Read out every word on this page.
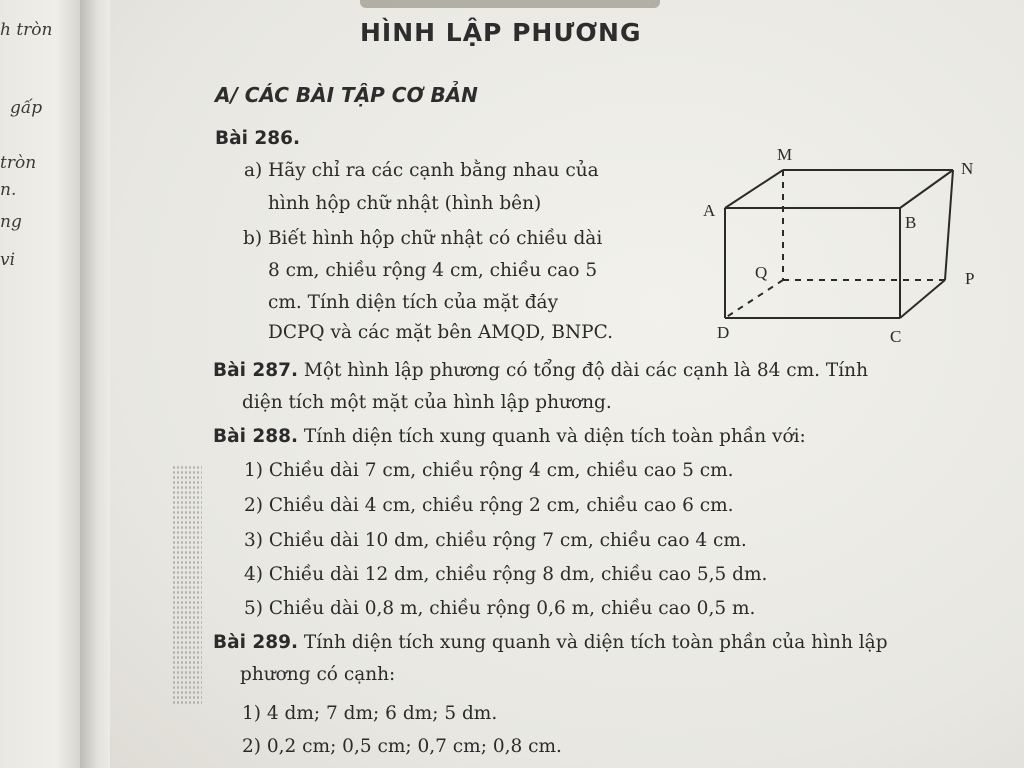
h tròn
gấp
tròn
n.
ng
vi
HÌNH LẬP PHƯƠNG
A/ CÁC BÀI TẬP CƠ BẢN
Bài 286.
a) Hãy chỉ ra các cạnh bằng nhau của
hình hộp chữ nhật (hình bên)
b) Biết hình hộp chữ nhật có chiều dài
8 cm, chiều rộng 4 cm, chiều cao 5
cm. Tính diện tích của mặt đáy
DCPQ và các mặt bên AMQD, BNPC.
M
N
A
B
Q	P
D	C
Bài 287. Một hình lập phương có tổng độ dài các cạnh là 84 cm. Tính
diện tích một mặt của hình lập phương.
Bài 288. Tính diện tích xung quanh và diện tích toàn phần với:
1) Chiều dài 7 cm, chiều rộng 4 cm, chiều cao 5 cm.
2) Chiều dài 4 cm, chiều rộng 2 cm, chiều cao 6 cm.
3) Chiều dài 10 dm, chiều rộng 7 cm, chiều cao 4 cm.
4) Chiều dài 12 dm, chiều rộng 8 dm, chiều cao 5,5 dm.
5) Chiều dài 0,8 m, chiều rộng 0,6 m, chiều cao 0,5 m.
Bài 289. Tính diện tích xung quanh và diện tích toàn phần của hình lập
phương có cạnh:
1) 4 dm; 7 dm; 6 dm; 5 dm.
2) 0,2 cm; 0,5 cm; 0,7 cm; 0,8 cm.
